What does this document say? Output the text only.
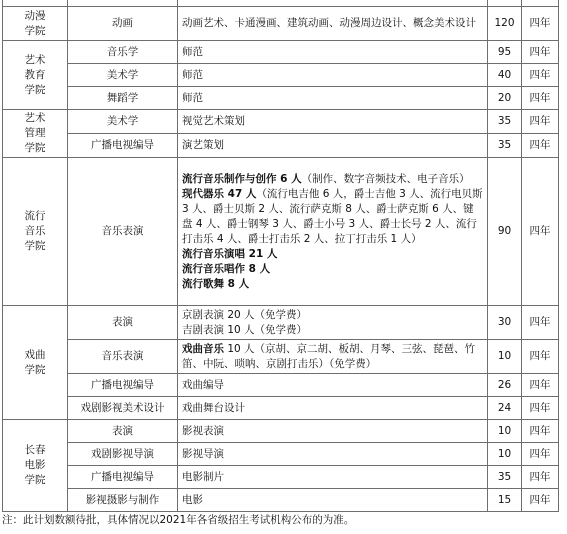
动漫
学院	动画	动画艺术、卡通漫画、建筑动画、动漫周边设计、概念美术设计	120	四年
艺术
教育
学院	音乐学	师范	95	四年
	美术学	师范	40	四年
	舞蹈学	师范	20	四年
艺术
管理
学院	美术学	视觉艺术策划	35	四年
	广播电视编导	演艺策划	35	四年
流行
音乐
学院	音乐表演	流行音乐制作与创作 6 人（制作、数字音频技术、电子音乐）
现代器乐 47 人（流行电吉他 6 人，爵士吉他 3 人、流行电贝斯 3 人、爵士贝斯 2 人、流行萨克斯 8 人、爵士萨克斯 6 人、键盘 4 人、爵士钢琴 3 人、爵士小号 3 人、爵士长号 2 人、流行打击乐 4 人、爵士打击乐 2 人、拉丁打击乐 1 人）
流行音乐演唱 21 人
流行音乐唱作 8 人
流行歌舞 8 人	90	四年
戏曲
学院	表演	京剧表演 20 人（免学费）
吉剧表演 10 人（免学费）	30	四年
	音乐表演	戏曲音乐 10 人（京胡、京二胡、板胡、月琴、三弦、琵琶、竹笛、中阮、唢呐、京剧打击乐）（免学费）	10	四年
	广播电视编导	戏曲编导	26	四年
	戏剧影视美术设计	戏曲舞台设计	24	四年
长春
电影
学院	表演	影视表演	10	四年
	戏剧影视导演	影视导演	10	四年
	广播电视编导	电影制片	35	四年
	影视摄影与制作	电影	15	四年
注：此计划数额待批，具体情况以2021年各省级招生考试机构公布的为准。
